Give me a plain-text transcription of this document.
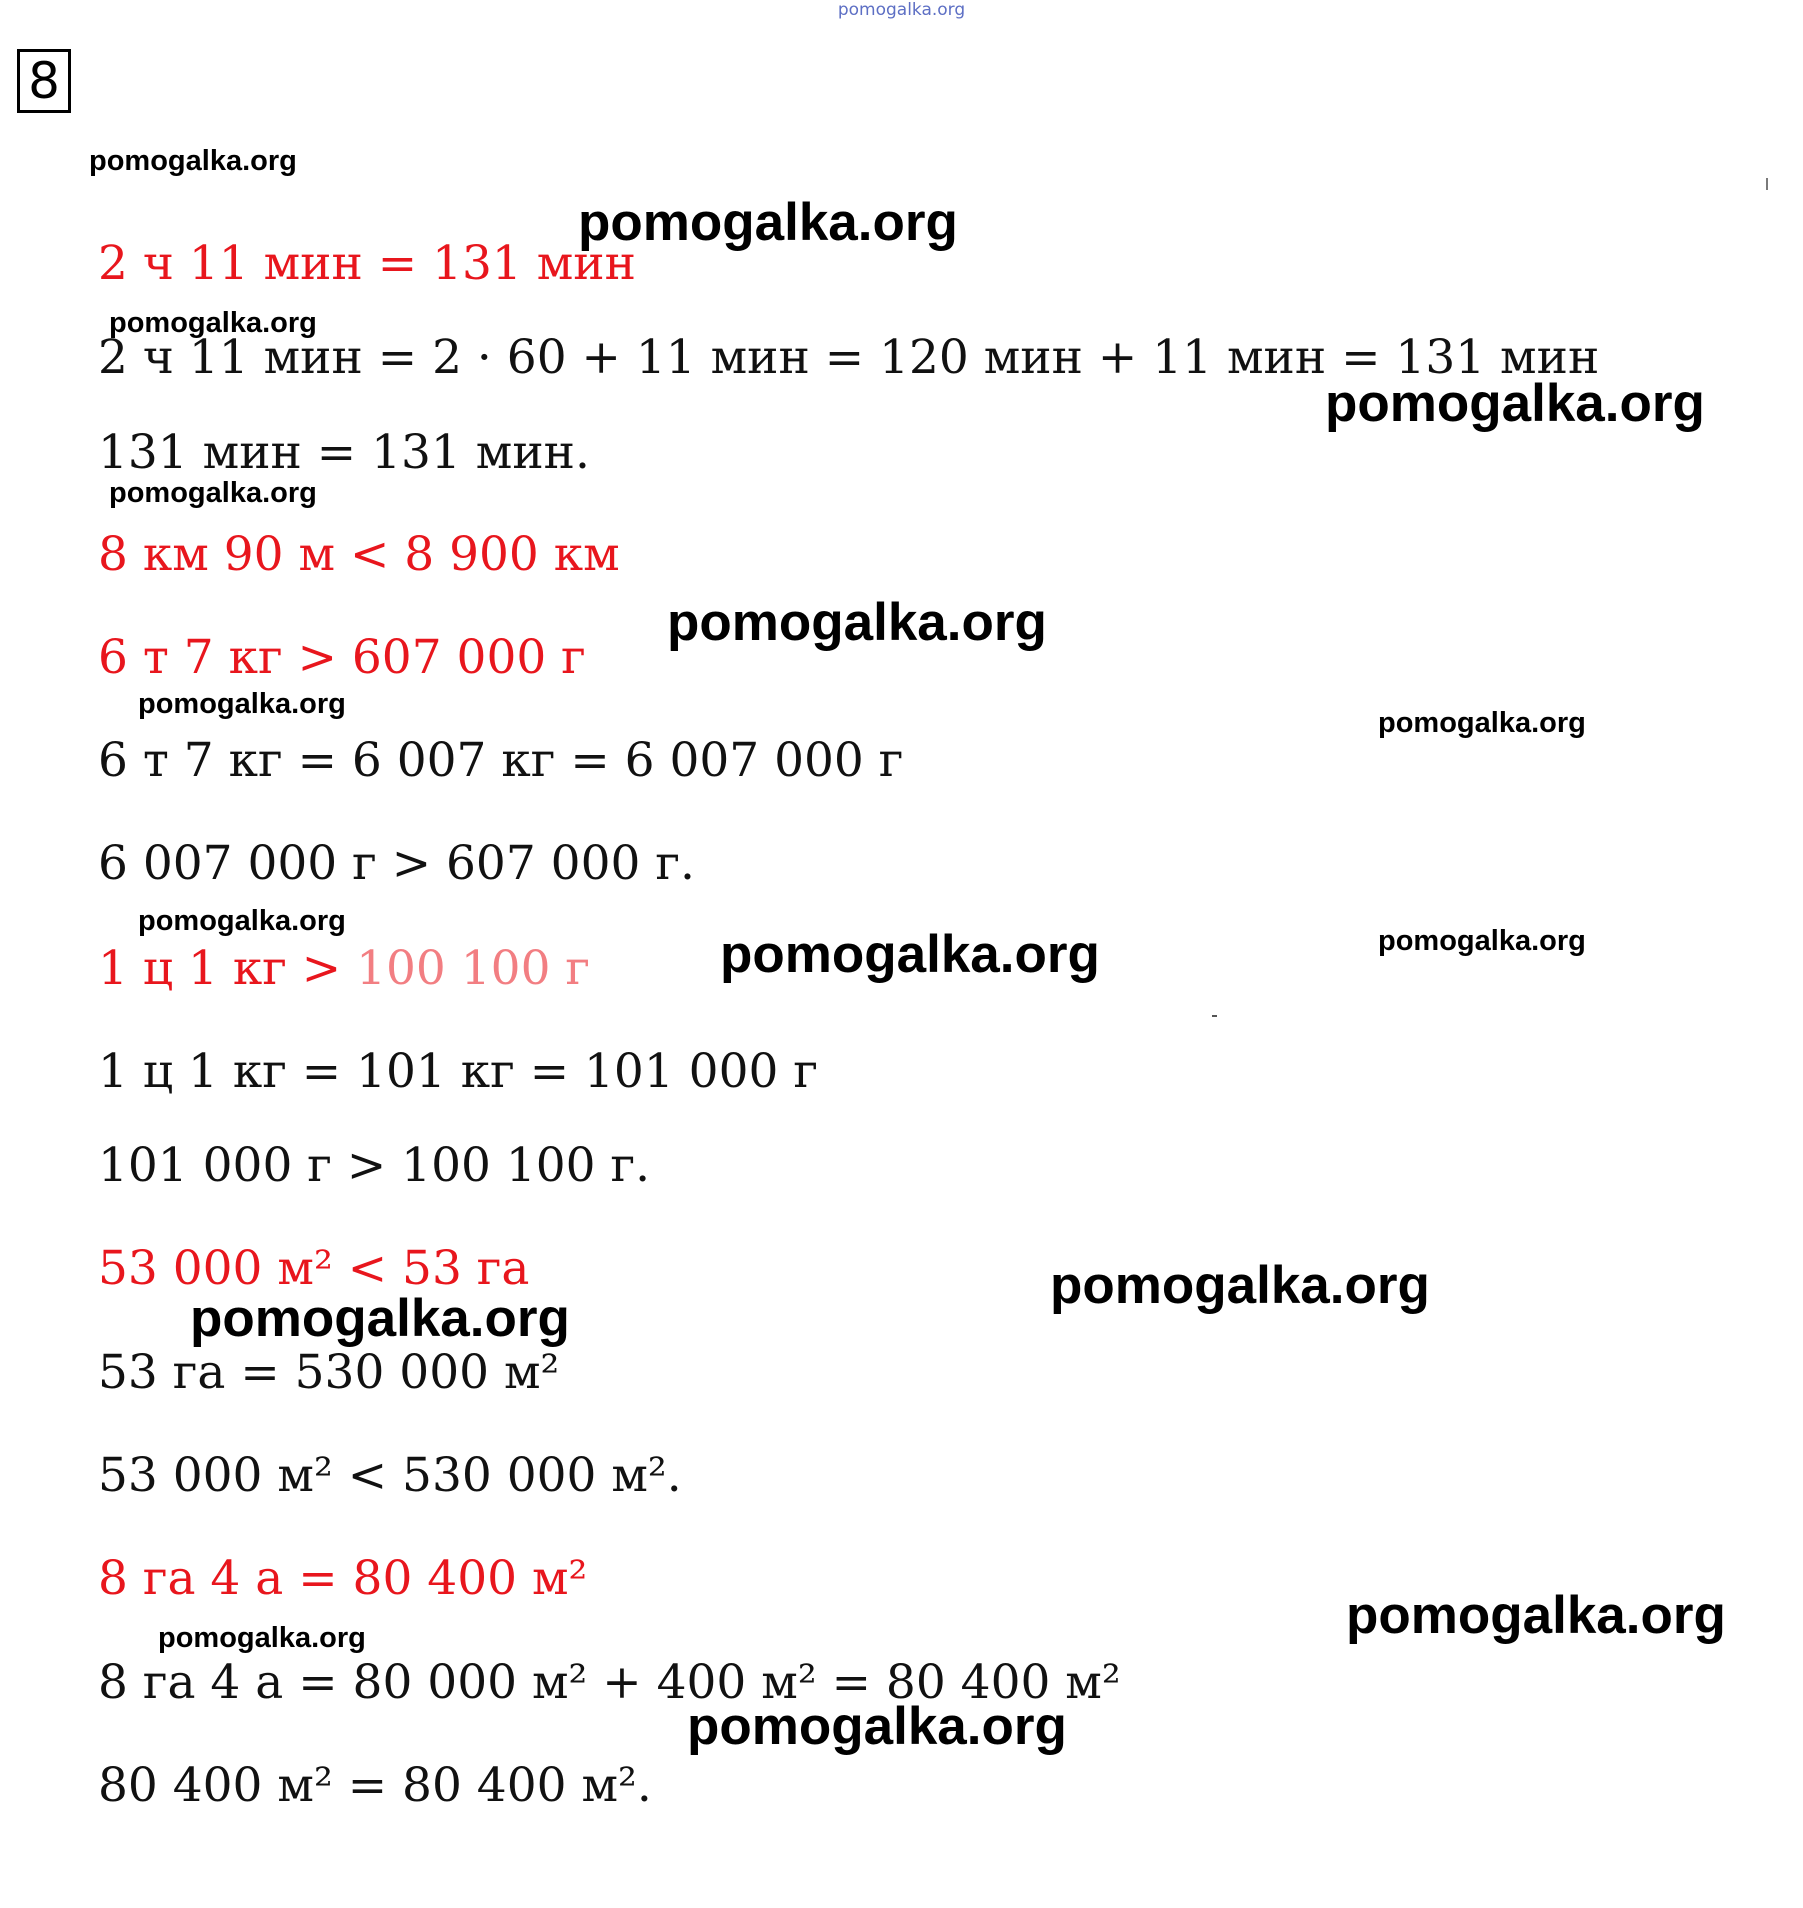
pomogalka.org
8
2 ч 11 мин = 131 мин
2 ч 11 мин = 2 · 60 + 11 мин = 120 мин + 11 мин = 131 мин
131 мин = 131 мин.
8 км 90 м < 8 900 км
6 т 7 кг > 607 000 г
6 т 7 кг = 6 007 кг = 6 007 000 г
6 007 000 г > 607 000 г.
1 ц 1 кг > 100 100 г
1 ц 1 кг = 101 кг = 101 000 г
101 000 г > 100 100 г.
53 000 м² < 53 га
53 га = 530 000 м²
53 000 м² < 530 000 м².
8 га 4 а = 80 400 м²
8 га 4 а = 80 000 м² + 400 м² = 80 400 м²
80 400 м² = 80 400 м².
pomogalka.org
pomogalka.org
pomogalka.org
pomogalka.org
pomogalka.org
pomogalka.org
pomogalka.org
pomogalka.org
pomogalka.org
pomogalka.org	pomogalka.org
pomogalka.org
pomogalka.org
pomogalka.org
pomogalka.org
pomogalka.org
